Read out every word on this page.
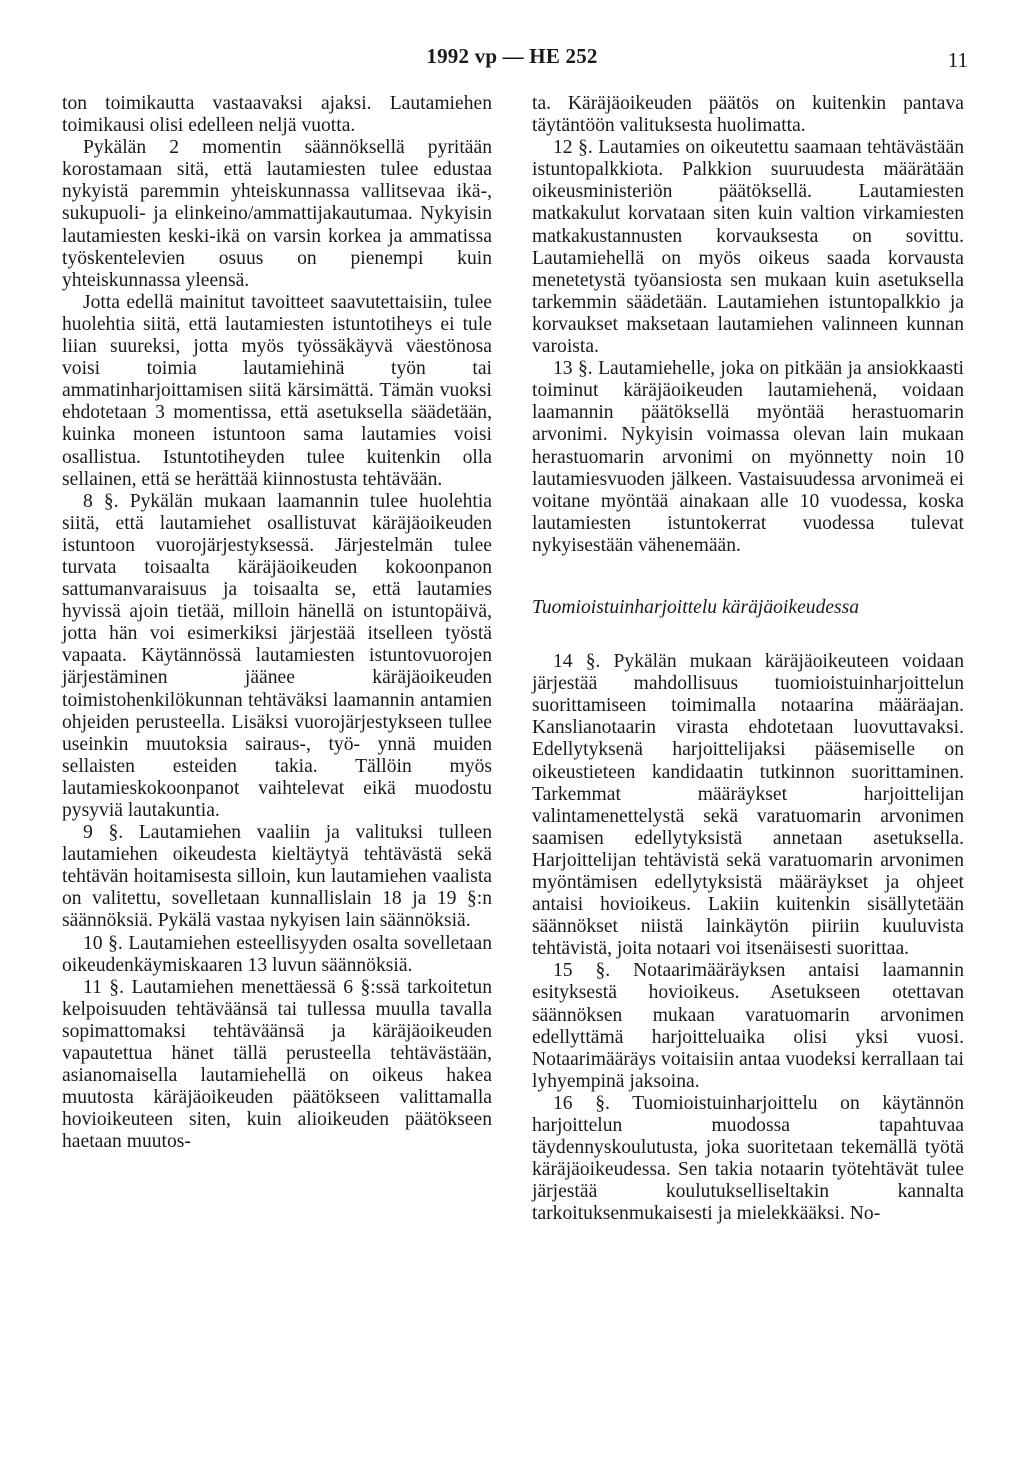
1992 vp — HE 252	11

ton toimikautta vastaavaksi ajaksi. Lautamiehen toimikausi olisi edelleen neljä vuotta.

Pykälän 2 momentin säännöksellä pyritään korostamaan sitä, että lautamiesten tulee edustaa nykyistä paremmin yhteiskunnassa vallitsevaa ikä-, sukupuoli- ja elinkeino/ammattijakautumaa. Nykyisin lautamiesten keski-ikä on varsin korkea ja ammatissa työskentelevien osuus on pienempi kuin yhteiskunnassa yleensä.

Jotta edellä mainitut tavoitteet saavutettaisiin, tulee huolehtia siitä, että lautamiesten istuntotiheys ei tule liian suureksi, jotta myös työssäkäyvä väestönosa voisi toimia lautamiehinä työn tai ammatinharjoittamisen siitä kärsimättä. Tämän vuoksi ehdotetaan 3 momentissa, että asetuksella säädetään, kuinka moneen istuntoon sama lautamies voisi osallistua. Istuntotiheyden tulee kuitenkin olla sellainen, että se herättää kiinnostusta tehtävään.

8 §. Pykälän mukaan laamannin tulee huolehtia siitä, että lautamiehet osallistuvat käräjäoikeuden istuntoon vuorojärjestyksessä. Järjestelmän tulee turvata toisaalta käräjäoikeuden kokoonpanon sattumanvaraisuus ja toisaalta se, että lautamies hyvissä ajoin tietää, milloin hänellä on istuntopäivä, jotta hän voi esimerkiksi järjestää itselleen työstä vapaata. Käytännössä lautamiesten istuntovuorojen järjestäminen jäänee käräjäoikeuden toimistohenkilökunnan tehtäväksi laamannin antamien ohjeiden perusteella. Lisäksi vuorojärjestykseen tullee useinkin muutoksia sairaus-, työ- ynnä muiden sellaisten esteiden takia. Tällöin myös lautamieskokoonpanot vaihtelevat eikä muodostu pysyviä lautakuntia.

9 §. Lautamiehen vaaliin ja valituksi tulleen lautamiehen oikeudesta kieltäytyä tehtävästä sekä tehtävän hoitamisesta silloin, kun lautamiehen vaalista on valitettu, sovelletaan kunnallislain 18 ja 19 §:n säännöksiä. Pykälä vastaa nykyisen lain säännöksiä.

10 §. Lautamiehen esteellisyyden osalta sovelletaan oikeudenkäymiskaaren 13 luvun säännöksiä.

11 §. Lautamiehen menettäessä 6 §:ssä tarkoitetun kelpoisuuden tehtäväänsä tai tullessa muulla tavalla sopimattomaksi tehtäväänsä ja käräjäoikeuden vapautettua hänet tällä perusteella tehtävästään, asianomaisella lautamiehellä on oikeus hakea muutosta käräjäoikeuden päätökseen valittamalla hovioikeuteen siten, kuin alioikeuden päätökseen haetaan muutos-

ta. Käräjäoikeuden päätös on kuitenkin pantava täytäntöön valituksesta huolimatta.

12 §. Lautamies on oikeutettu saamaan tehtävästään istuntopalkkiota. Palkkion suuruudesta määrätään oikeusministeriön päätöksellä. Lautamiesten matkakulut korvataan siten kuin valtion virkamiesten matkakustannusten korvauksesta on sovittu. Lautamiehellä on myös oikeus saada korvausta menetetystä työansiosta sen mukaan kuin asetuksella tarkemmin säädetään. Lautamiehen istuntopalkkio ja korvaukset maksetaan lautamiehen valinneen kunnan varoista.

13 §. Lautamiehelle, joka on pitkään ja ansiokkaasti toiminut käräjäoikeuden lautamiehenä, voidaan laamannin päätöksellä myöntää herastuomarin arvonimi. Nykyisin voimassa olevan lain mukaan herastuomarin arvonimi on myönnetty noin 10 lautamiesvuoden jälkeen. Vastaisuudessa arvonimeä ei voitane myöntää ainakaan alle 10 vuodessa, koska lautamiesten istuntokerrat vuodessa tulevat nykyisestään vähenemään.

Tuomioistuinharjoittelu käräjäoikeudessa

14 §. Pykälän mukaan käräjäoikeuteen voidaan järjestää mahdollisuus tuomioistuinharjoittelun suorittamiseen toimimalla notaarina määräajan. Kanslianotaarin virasta ehdotetaan luovuttavaksi. Edellytyksenä harjoittelijaksi pääsemiselle on oikeustieteen kandidaatin tutkinnon suorittaminen. Tarkemmat määräykset harjoittelijan valintamenettelystä sekä varatuomarin arvonimen saamisen edellytyksistä annetaan asetuksella. Harjoittelijan tehtävistä sekä varatuomarin arvonimen myöntämisen edellytyksistä määräykset ja ohjeet antaisi hovioikeus. Lakiin kuitenkin sisällytetään säännökset niistä lainkäytön piiriin kuuluvista tehtävistä, joita notaari voi itsenäisesti suorittaa.

15 §. Notaarimääräyksen antaisi laamannin esityksestä hovioikeus. Asetukseen otettavan säännöksen mukaan varatuomarin arvonimen edellyttämä harjoitteluaika olisi yksi vuosi. Notaarimääräys voitaisiin antaa vuodeksi kerrallaan tai lyhyempinä jaksoina.

16 §. Tuomioistuinharjoittelu on käytännön harjoittelun muodossa tapahtuvaa täydennyskoulutusta, joka suoritetaan tekemällä työtä käräjäoikeudessa. Sen takia notaarin työtehtävät tulee järjestää koulutukselliseltakin kannalta tarkoituksenmukaisesti ja mielekkääksi. No-
